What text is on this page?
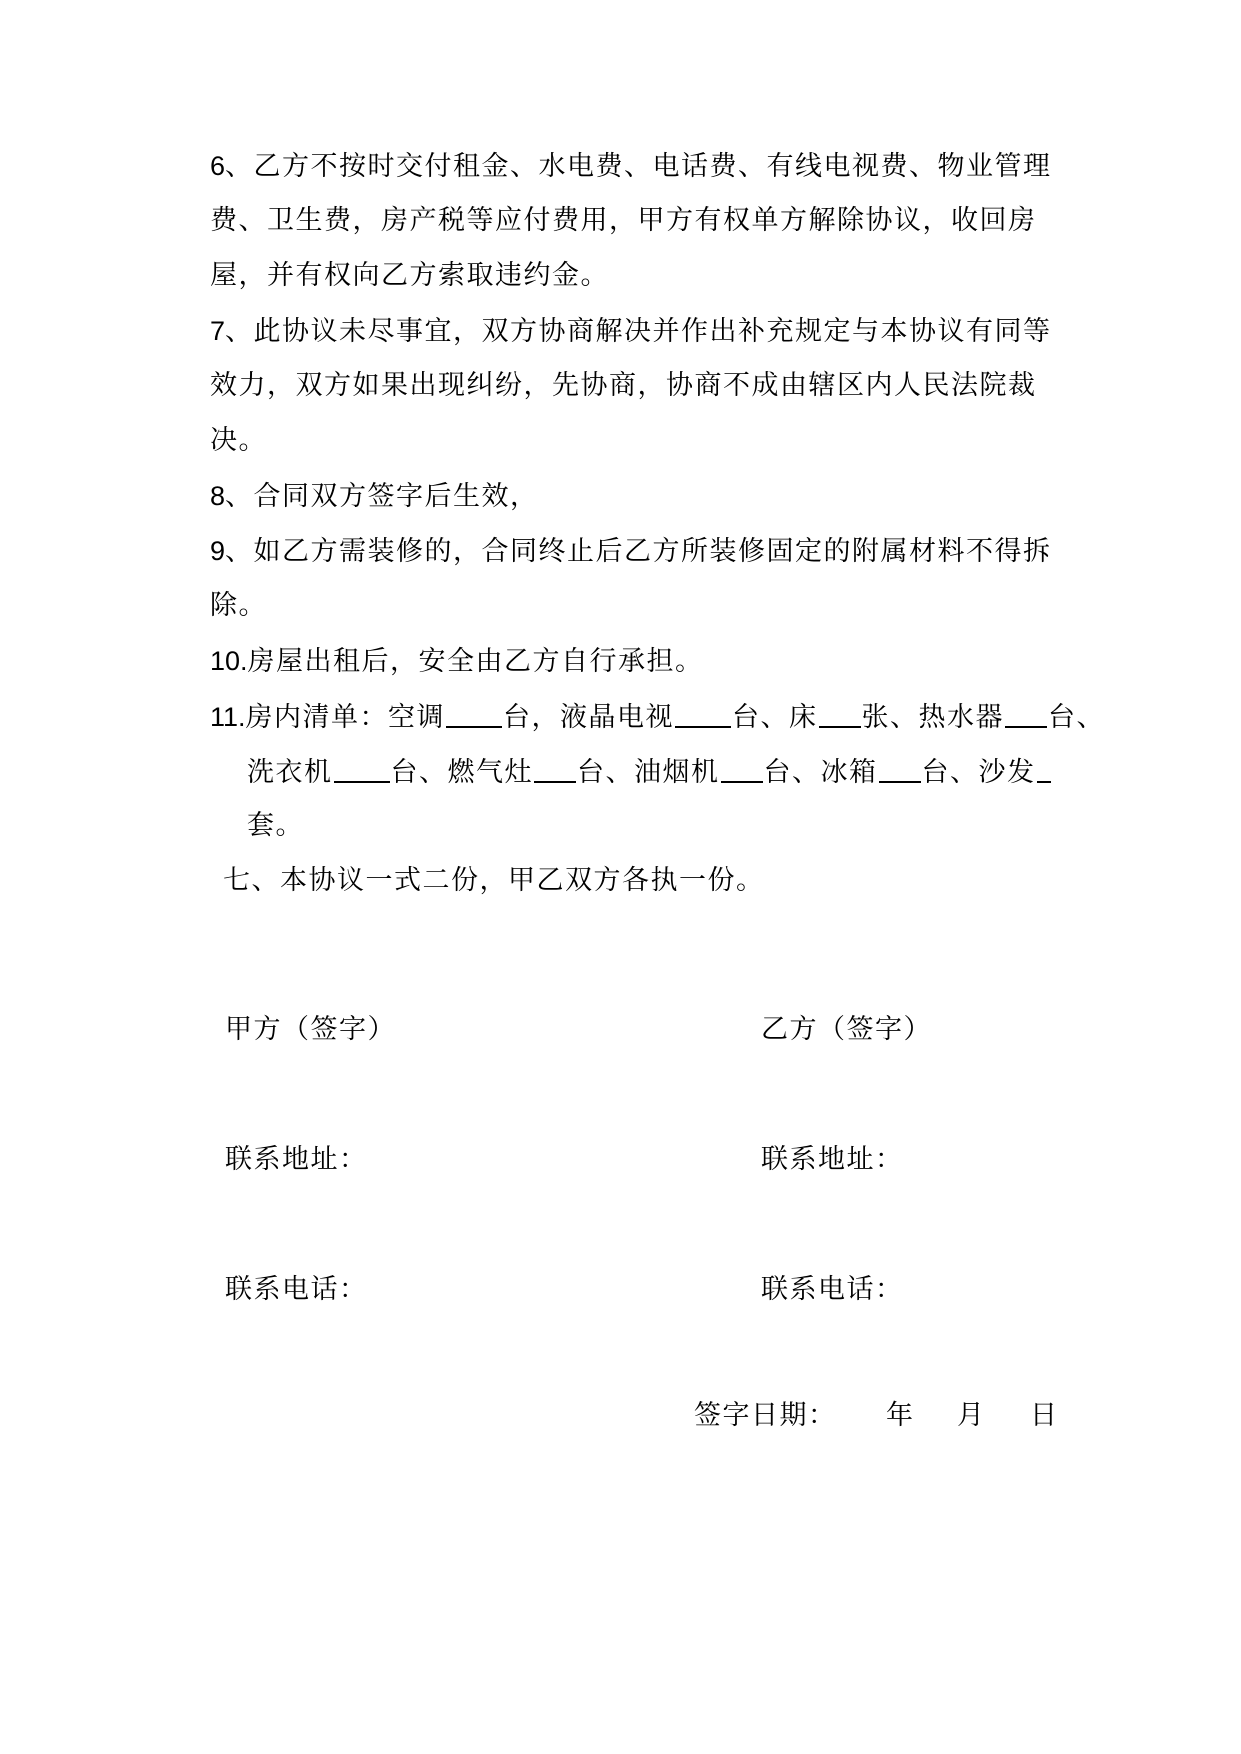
6、乙方不按时交付租金、水电费、电话费、有线电视费、物业管理
费、卫生费，房产税等应付费用，甲方有权单方解除协议，收回房
屋，并有权向乙方索取违约金。
7、此协议未尽事宜，双方协商解决并作出补充规定与本协议有同等
效力，双方如果出现纠纷，先协商，协商不成由辖区内人民法院裁
决。
8、合同双方签字后生效，
9、如乙方需装修的，合同终止后乙方所装修固定的附属材料不得拆
除。
10.房屋出租后，安全由乙方自行承担。
11.房内清单：空调 台，液晶电视 台、床 张、热水器 台、
洗衣机 台、燃气灶 台、油烟机 台、冰箱 台、沙发
套。
七、本协议一式二份，甲乙双方各执一份。
甲方（签字）
联系地址：
联系电话：
乙方（签字）
联系地址：
联系电话：
签字日期： 年 月 日
